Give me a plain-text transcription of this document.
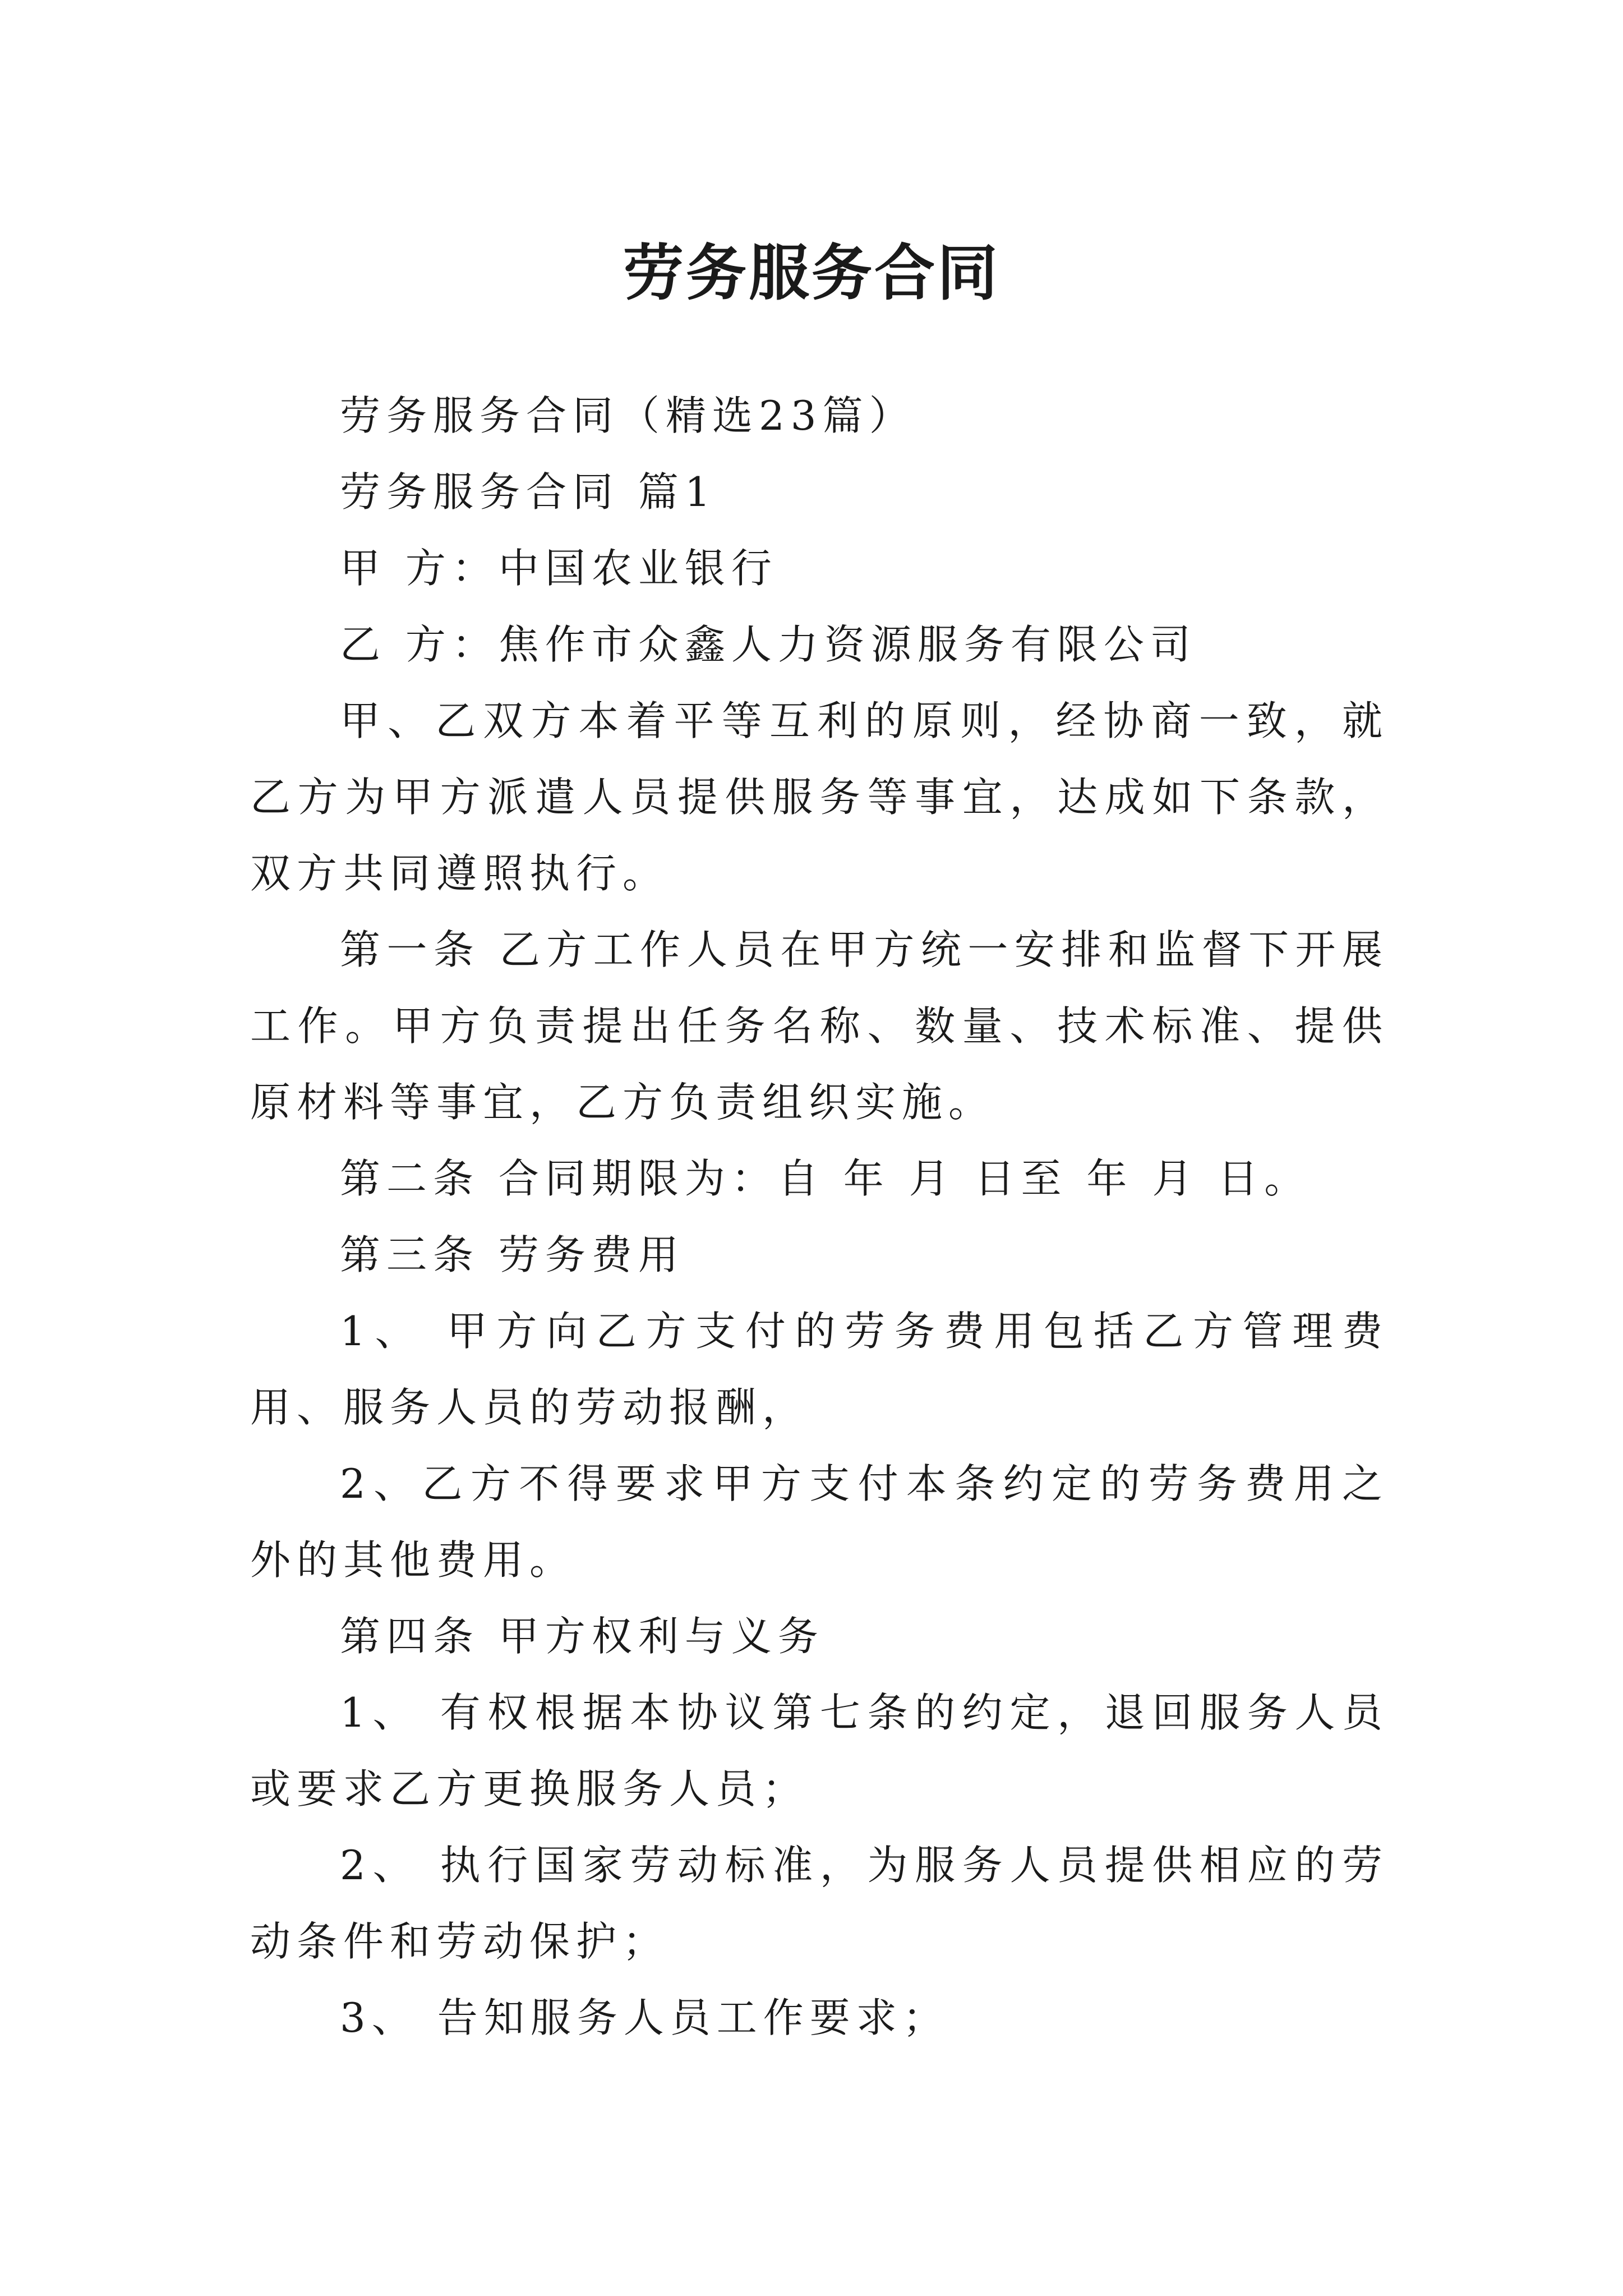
劳务服务合同

劳务服务合同（精选23篇）

劳务服务合同 篇1

甲 方：中国农业银行

乙 方：焦作市众鑫人力资源服务有限公司

甲、乙双方本着平等互利的原则，经协商一致，就乙方为甲方派遣人员提供服务等事宜，达成如下条款，双方共同遵照执行。

第一条 乙方工作人员在甲方统一安排和监督下开展工作。甲方负责提出任务名称、数量、技术标准、提供原材料等事宜，乙方负责组织实施。

第二条 合同期限为：自 年 月 日至 年 月 日。

第三条 劳务费用

1、 甲方向乙方支付的劳务费用包括乙方管理费用、服务人员的劳动报酬，

2、乙方不得要求甲方支付本条约定的劳务费用之外的其他费用。

第四条 甲方权利与义务

1、 有权根据本协议第七条的约定，退回服务人员或要求乙方更换服务人员；

2、 执行国家劳动标准，为服务人员提供相应的劳动条件和劳动保护；

3、 告知服务人员工作要求；
